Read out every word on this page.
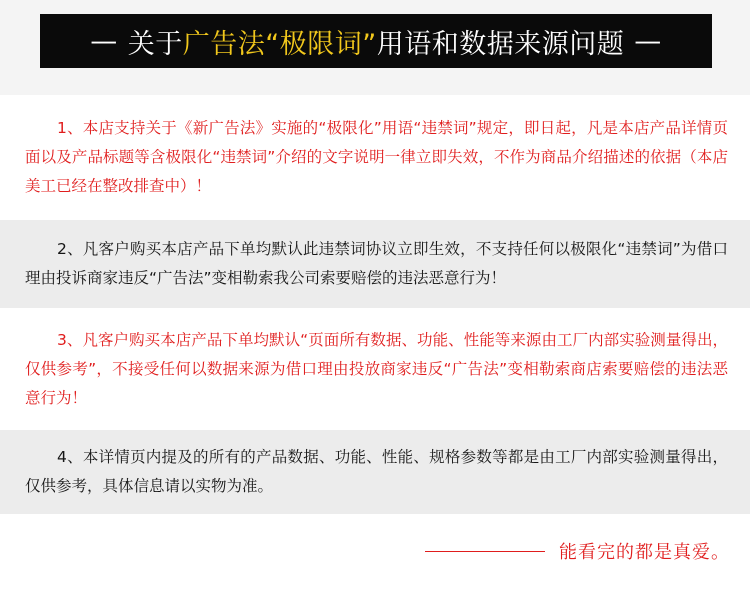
— 关于 广告法“极限词” 用语和数据来源问题 —

1、本店支持关于《新广告法》实施的“极限化”用语“违禁词”规定，即日起，凡是本店产品详情页面以及产品标题等含极限化“违禁词”介绍的文字说明一律立即失效，不作为商品介绍描述的依据（本店美工已经在整改排查中）！

2、凡客户购买本店产品下单均默认此违禁词协议立即生效，不支持任何以极限化“违禁词”为借口理由投诉商家违反“广告法”变相勒索我公司索要赔偿的违法恶意行为！

3、凡客户购买本店产品下单均默认“页面所有数据、功能、性能等来源由工厂内部实验测量得出，仅供参考”，不接受任何以数据来源为借口理由投放商家违反“广告法”变相勒索商店索要赔偿的违法恶意行为！

4、本详情页内提及的所有的产品数据、功能、性能、规格参数等都是由工厂内部实验测量得出，仅供参考，具体信息请以实物为准。

能看完的都是真爱。
